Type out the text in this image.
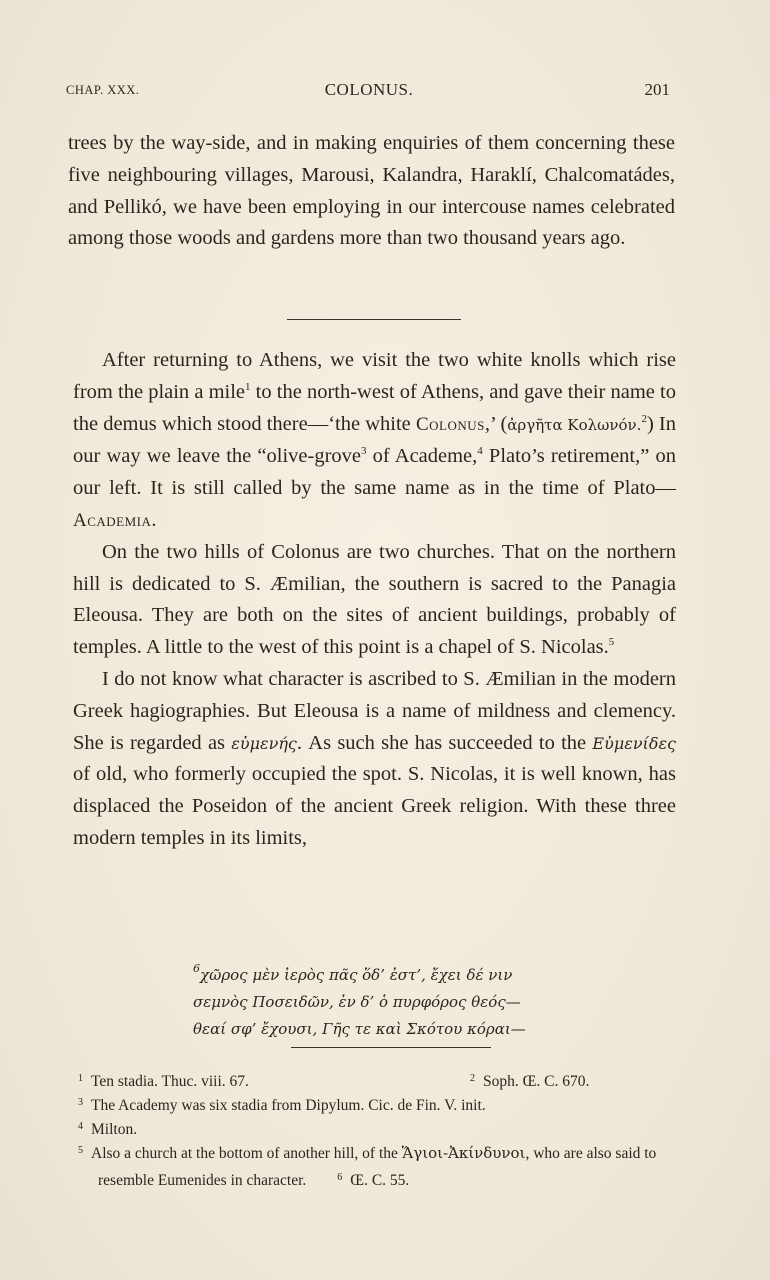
CHAP. XXX.	COLONUS.	201

trees by the way-side, and in making enquiries of them concerning these five neighbouring villages, Marousi, Kalandra, Haraklí, Chalcomatádes, and Pellikó, we have been employing in our intercouse names celebrated among those woods and gardens more than two thousand years ago.

After returning to Athens, we visit the two white knolls which rise from the plain a mile$^1$ to the north-west of Athens, and gave their name to the demus which stood there—‘the white Colonus,’ (ἀργῆτα Κολωνόν.$^2$) In our way we leave the “olive-grove$^3$ of Academe,$^4$ Plato’s retirement,” on our left. It is still called by the same name as in the time of Plato—Academia.

On the two hills of Colonus are two churches. That on the northern hill is dedicated to S. Æmilian, the southern is sacred to the Panagia Eleousa. They are both on the sites of ancient buildings, probably of temples. A little to the west of this point is a chapel of S. Nicolas.$^5$

I do not know what character is ascribed to S. Æmilian in the modern Greek hagiographies. But Eleousa is a name of mildness and clemency. She is regarded as εὐμενής. As such she has succeeded to the Εὐμενίδες of old, who formerly occupied the spot. S. Nicolas, it is well known, has displaced the Poseidon of the ancient Greek religion. With these three modern temples in its limits,

$^6$χῶρος μὲν ἱερὸς πᾶς ὅδ’ ἐστ’, ἔχει δέ νιν
σεμνὸς Ποσειδῶν, ἐν δ’ ὁ πυρφόρος θεός—
θεαί σφ’ ἔχουσι, Γῆς τε καὶ Σκότου κόραι—
$^1$ Ten stadia. Thuc. viii. 67.	$^2$ Soph. Œ. C. 670.
$^3$ The Academy was six stadia from Dipylum. Cic. de Fin. V. init.
$^4$ Milton.
$^5$ Also a church at the bottom of another hill, of the Ἅγιοι-Ἀκίνδυνοι, who are also said to resemble Eumenides in character.	$^6$ Œ. C. 55.
